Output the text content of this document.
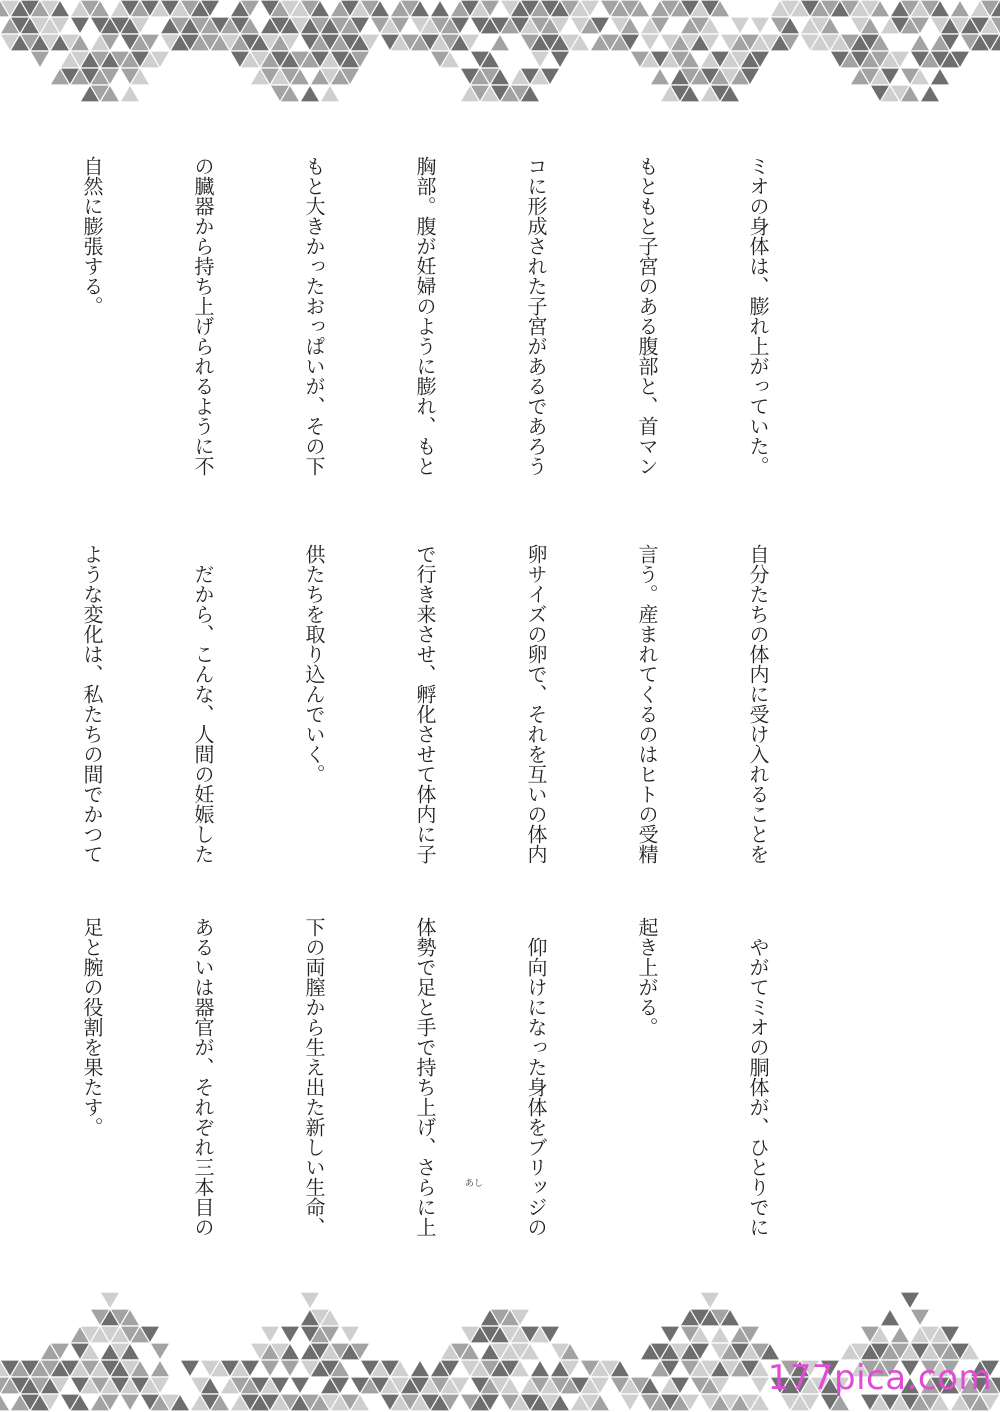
ミオの身体は、膨れ上がっていた。

もともと子宮のある腹部と、首マン

コに形成された子宮があるであろう

胸部。腹が妊婦のように膨れ、もと

もと大きかったおっぱいが、その下

の臓器から持ち上げられるように不

自然に膨張する。

自分たちの体内に受け入れることを

言う。産まれてくるのはヒトの受精

卵サイズの卵で、それを互いの体内

で行き来させ、孵化させて体内に子

供たちを取り込んでいく。

　だから、こんな、人間の妊娠した

ような変化は、私たちの間でかつて

　やがてミオの胴体が、ひとりでに

起き上がる。

　仰向けになった身体をブリッジの

体勢で足と手で持ち上げ、さらに上

下の両膣から生え出た新しい生命、

あるいは器官が、それぞれ三本目の

足と腕の役割を果たす。

あし
177pica.com
